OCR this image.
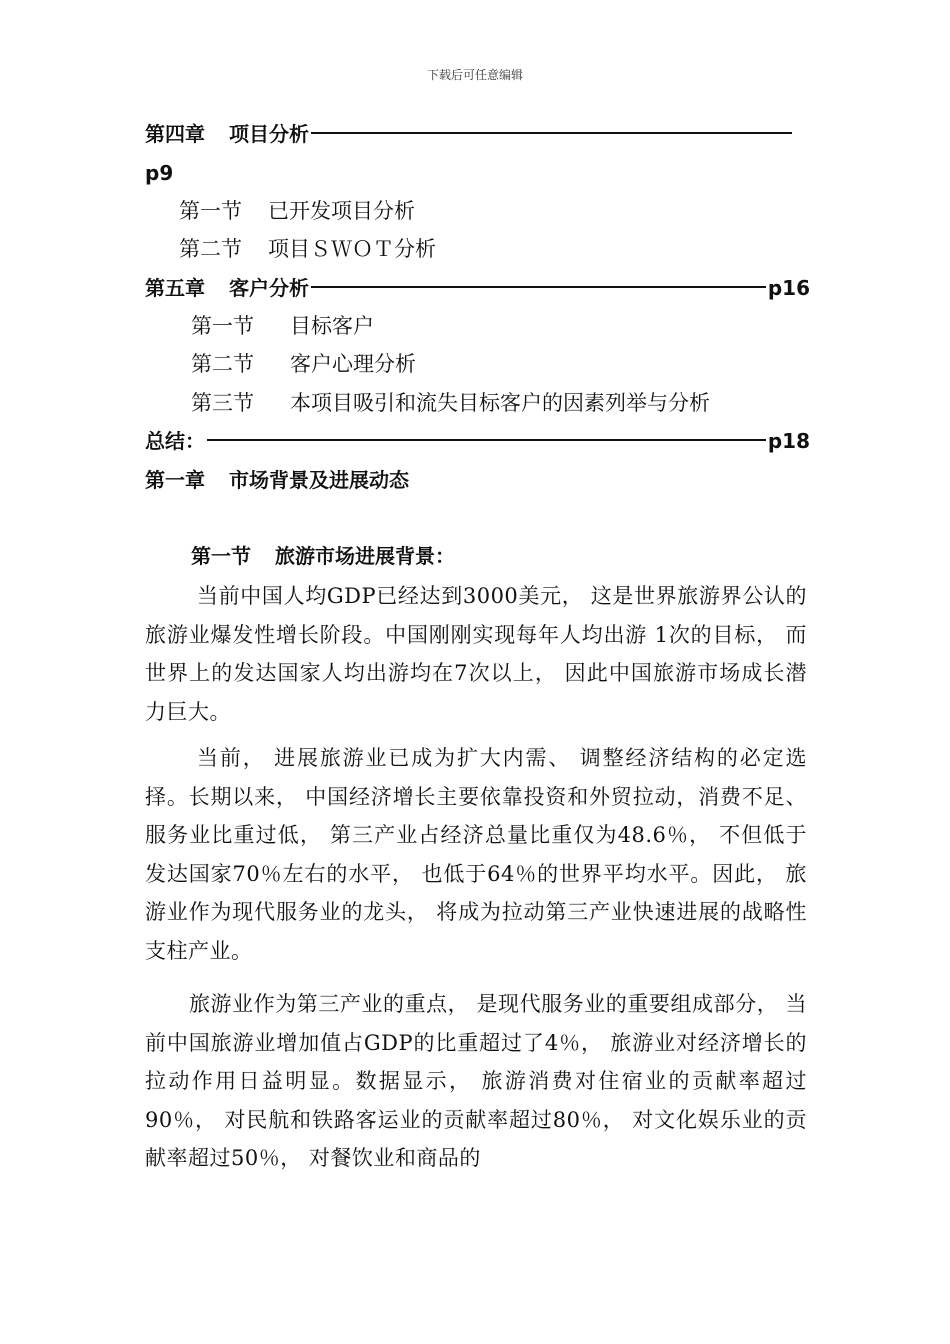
下载后可任意编辑
第四章 项目分析
p9
第一节 已开发项目分析
第二节 项目ＳＷＯＴ分析
第五章 客户分析	p16
第一节 目标客户
第二节 客户心理分析
第三节 本项目吸引和流失目标客户的因素列举与分析
总结：	p18
第一章 市场背景及进展动态
第一节 旅游市场进展背景：

当前中国人均GDP已经达到3000美元， 这是世界旅游界公认的旅游业爆发性增长阶段。中国刚刚实现每年人均出游 1次的目标， 而世界上的发达国家人均出游均在7次以上， 因此中国旅游市场成长潜力巨大。

当前， 进展旅游业已成为扩大内需、 调整经济结构的必定选择。长期以来， 中国经济增长主要依靠投资和外贸拉动，消费不足、 服务业比重过低， 第三产业占经济总量比重仅为48.6％， 不但低于发达国家70％左右的水平， 也低于64％的世界平均水平。因此， 旅游业作为现代服务业的龙头， 将成为拉动第三产业快速进展的战略性支柱产业。

旅游业作为第三产业的重点， 是现代服务业的重要组成部分， 当前中国旅游业增加值占GDP的比重超过了4％， 旅游业对经济增长的拉动作用日益明显。数据显示， 旅游消费对住宿业的贡献率超过90％， 对民航和铁路客运业的贡献率超过80％， 对文化娱乐业的贡献率超过50％， 对餐饮业和商品的
